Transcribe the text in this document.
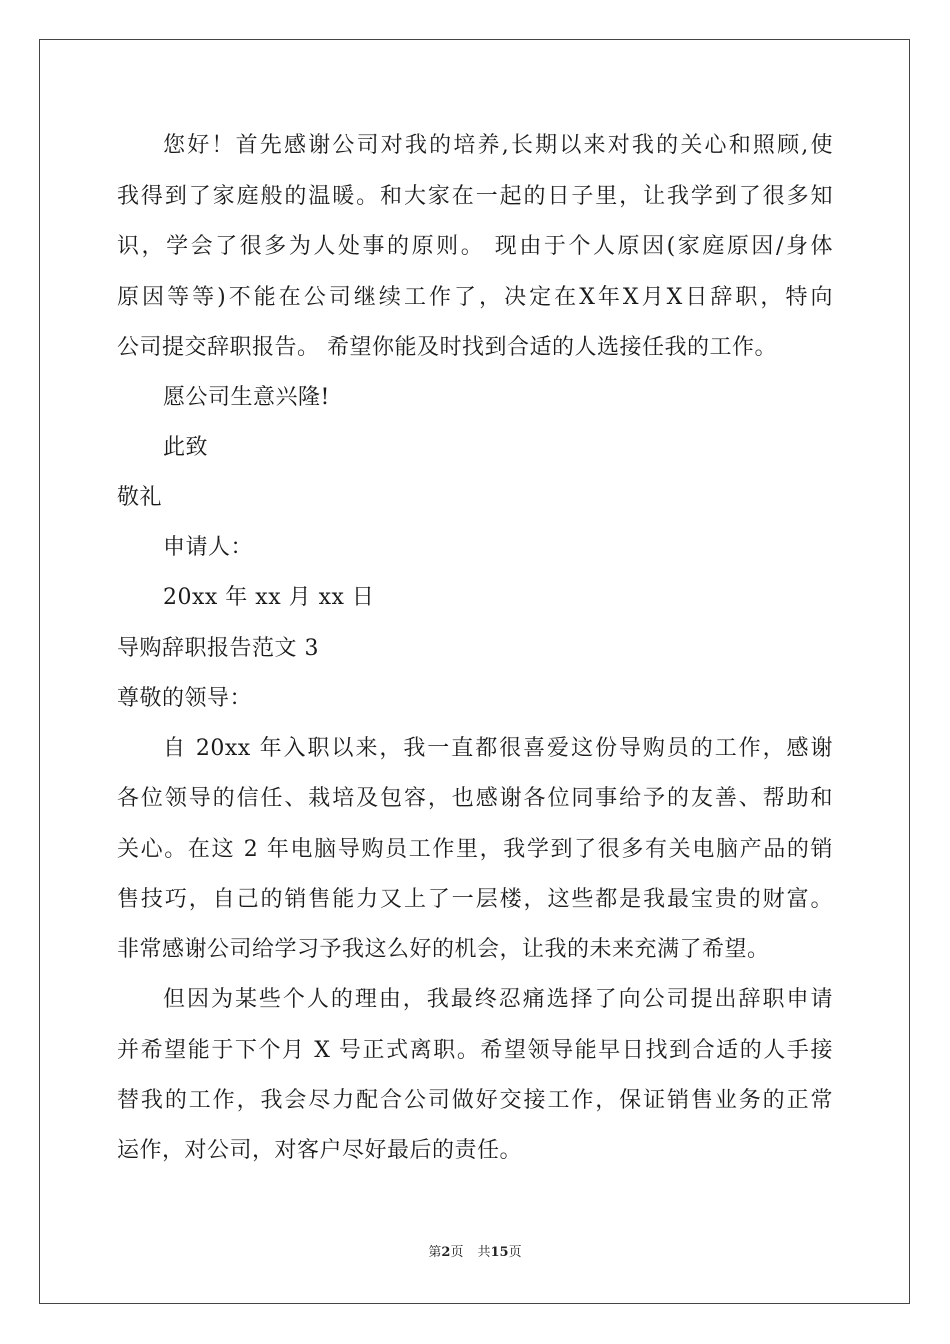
您好！首先感谢公司对我的培养,长期以来对我的关心和照顾,使
我得到了家庭般的温暖。和大家在一起的日子里，让我学到了很多知
识，学会了很多为人处事的原则。 现由于个人原因(家庭原因/身体
原因等等)不能在公司继续工作了，决定在X年X月X日辞职，特向
公司提交辞职报告。 希望你能及时找到合适的人选接任我的工作。
愿公司生意兴隆!
此致
敬礼
申请人：
20xx 年 xx 月 xx 日
导购辞职报告范文 3
尊敬的领导：
自 20xx 年入职以来，我一直都很喜爱这份导购员的工作，感谢
各位领导的信任、栽培及包容，也感谢各位同事给予的友善、帮助和
关心。在这 2 年电脑导购员工作里，我学到了很多有关电脑产品的销
售技巧，自己的销售能力又上了一层楼，这些都是我最宝贵的财富。
非常感谢公司给学习予我这么好的机会，让我的未来充满了希望。
但因为某些个人的理由，我最终忍痛选择了向公司提出辞职申请
并希望能于下个月 X 号正式离职。希望领导能早日找到合适的人手接
替我的工作，我会尽力配合公司做好交接工作，保证销售业务的正常
运作，对公司，对客户尽好最后的责任。
第2页 共15页
